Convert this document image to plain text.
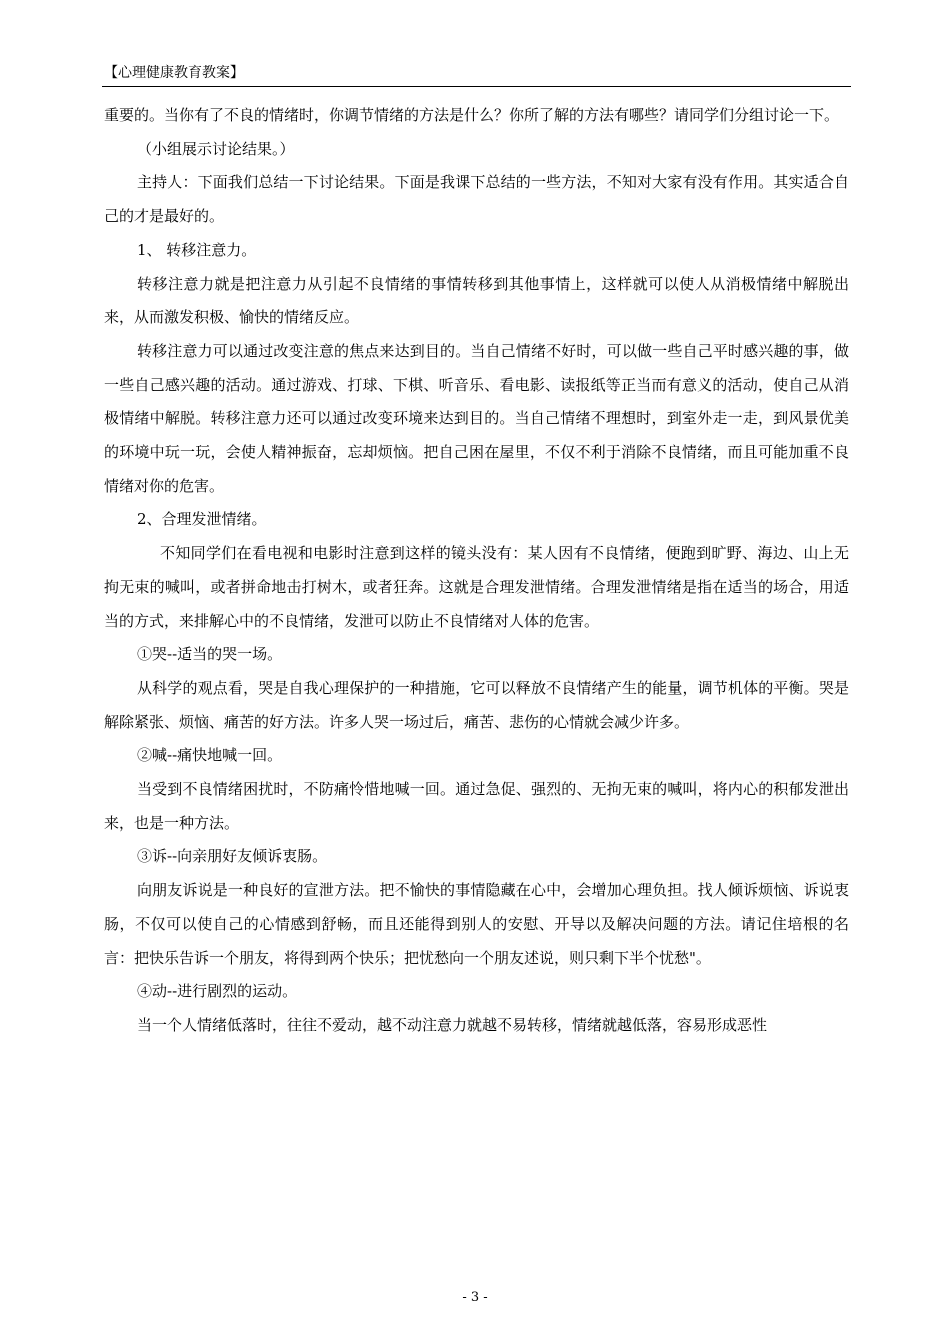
【心理健康教育教案】

重要的。当你有了不良的情绪时，你调节情绪的方法是什么？你所了解的方法有哪些？请同学们分组讨论一下。

（小组展示讨论结果。）

主持人：下面我们总结一下讨论结果。下面是我课下总结的一些方法，不知对大家有没有作用。其实适合自己的才是最好的。

1、 转移注意力。

转移注意力就是把注意力从引起不良情绪的事情转移到其他事情上，这样就可以使人从消极情绪中解脱出来，从而激发积极、愉快的情绪反应。

转移注意力可以通过改变注意的焦点来达到目的。当自己情绪不好时，可以做一些自己平时感兴趣的事，做一些自己感兴趣的活动。通过游戏、打球、下棋、听音乐、看电影、读报纸等正当而有意义的活动，使自己从消极情绪中解脱。转移注意力还可以通过改变环境来达到目的。当自己情绪不理想时，到室外走一走，到风景优美的环境中玩一玩，会使人精神振奋，忘却烦恼。把自己困在屋里，不仅不利于消除不良情绪，而且可能加重不良情绪对你的危害。

2、合理发泄情绪。

不知同学们在看电视和电影时注意到这样的镜头没有：某人因有不良情绪，便跑到旷野、海边、山上无拘无束的喊叫，或者拼命地击打树木，或者狂奔。这就是合理发泄情绪。合理发泄情绪是指在适当的场合，用适当的方式，来排解心中的不良情绪，发泄可以防止不良情绪对人体的危害。

①哭--适当的哭一场。

从科学的观点看，哭是自我心理保护的一种措施，它可以释放不良情绪产生的能量，调节机体的平衡。哭是解除紧张、烦恼、痛苦的好方法。许多人哭一场过后，痛苦、悲伤的心情就会减少许多。

②喊--痛快地喊一回。

当受到不良情绪困扰时，不防痛怜惜地喊一回。通过急促、强烈的、无拘无束的喊叫，将内心的积郁发泄出来，也是一种方法。

③诉--向亲朋好友倾诉衷肠。

向朋友诉说是一种良好的宣泄方法。把不愉快的事情隐藏在心中，会增加心理负担。找人倾诉烦恼、诉说衷肠，不仅可以使自己的心情感到舒畅，而且还能得到别人的安慰、开导以及解决问题的方法。请记住培根的名言：把快乐告诉一个朋友，将得到两个快乐；把忧愁向一个朋友述说，则只剩下半个忧愁"。

④动--进行剧烈的运动。

当一个人情绪低落时，往往不爱动，越不动注意力就越不易转移，情绪就越低落，容易形成恶性

- 3 -
